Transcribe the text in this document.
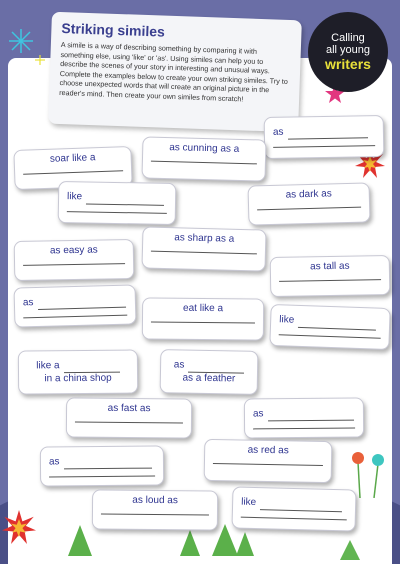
Striking similes

A simile is a way of describing something by comparing it with something else, using 'like' or 'as'. Using similes can help you to describe the scenes of your story in interesting and unusual ways. Complete the examples below to create your own striking similes. Try to choose unexpected words that will create an original picture in the reader's mind. Then create your own similes from scratch!

Calling
all young
writers
as
soar like a
as cunning as a
like	as dark as
as easy as
as sharp as a
as tall as
as
eat like a
like
like a
in a china shop
as
as a feather
as fast as	as
as
as red as
as loud as	like
